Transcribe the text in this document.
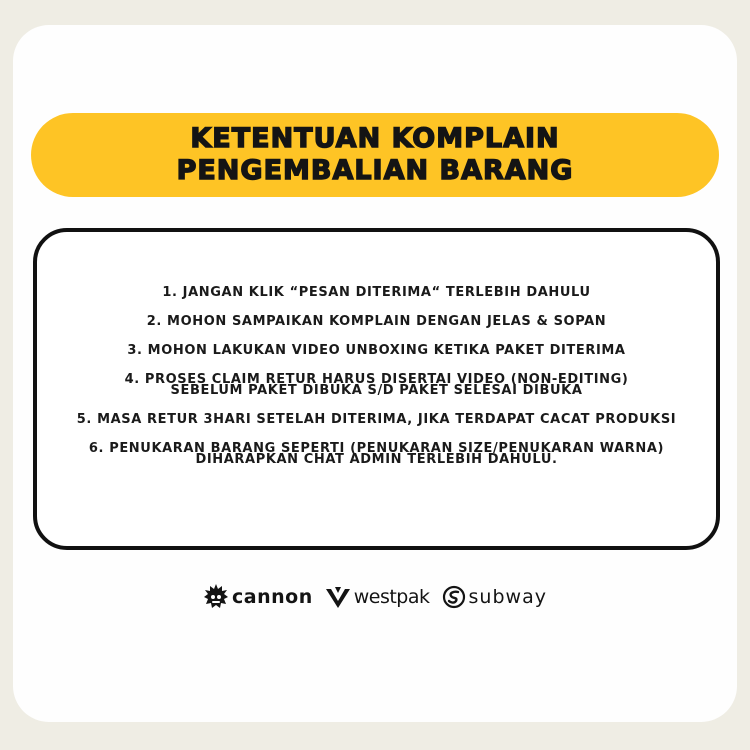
KETENTUAN KOMPLAIN
PENGEMBALIAN BARANG
1. JANGAN KLIK “PESAN DITERIMA“ TERLEBIH DAHULU
2. MOHON SAMPAIKAN KOMPLAIN DENGAN JELAS & SOPAN
3. MOHON LAKUKAN VIDEO UNBOXING KETIKA PAKET DITERIMA
4. PROSES CLAIM RETUR HARUS DISERTAI VIDEO (NON-EDITING)
SEBELUM PAKET DIBUKA S/D PAKET SELESAI DIBUKA
5. MASA RETUR 3HARI SETELAH DITERIMA, JIKA TERDAPAT CACAT PRODUKSI
6. PENUKARAN BARANG SEPERTI (PENUKARAN SIZE/PENUKARAN WARNA)
DIHARAPKAN CHAT ADMIN TERLEBIH DAHULU.
cannon westpak subway
